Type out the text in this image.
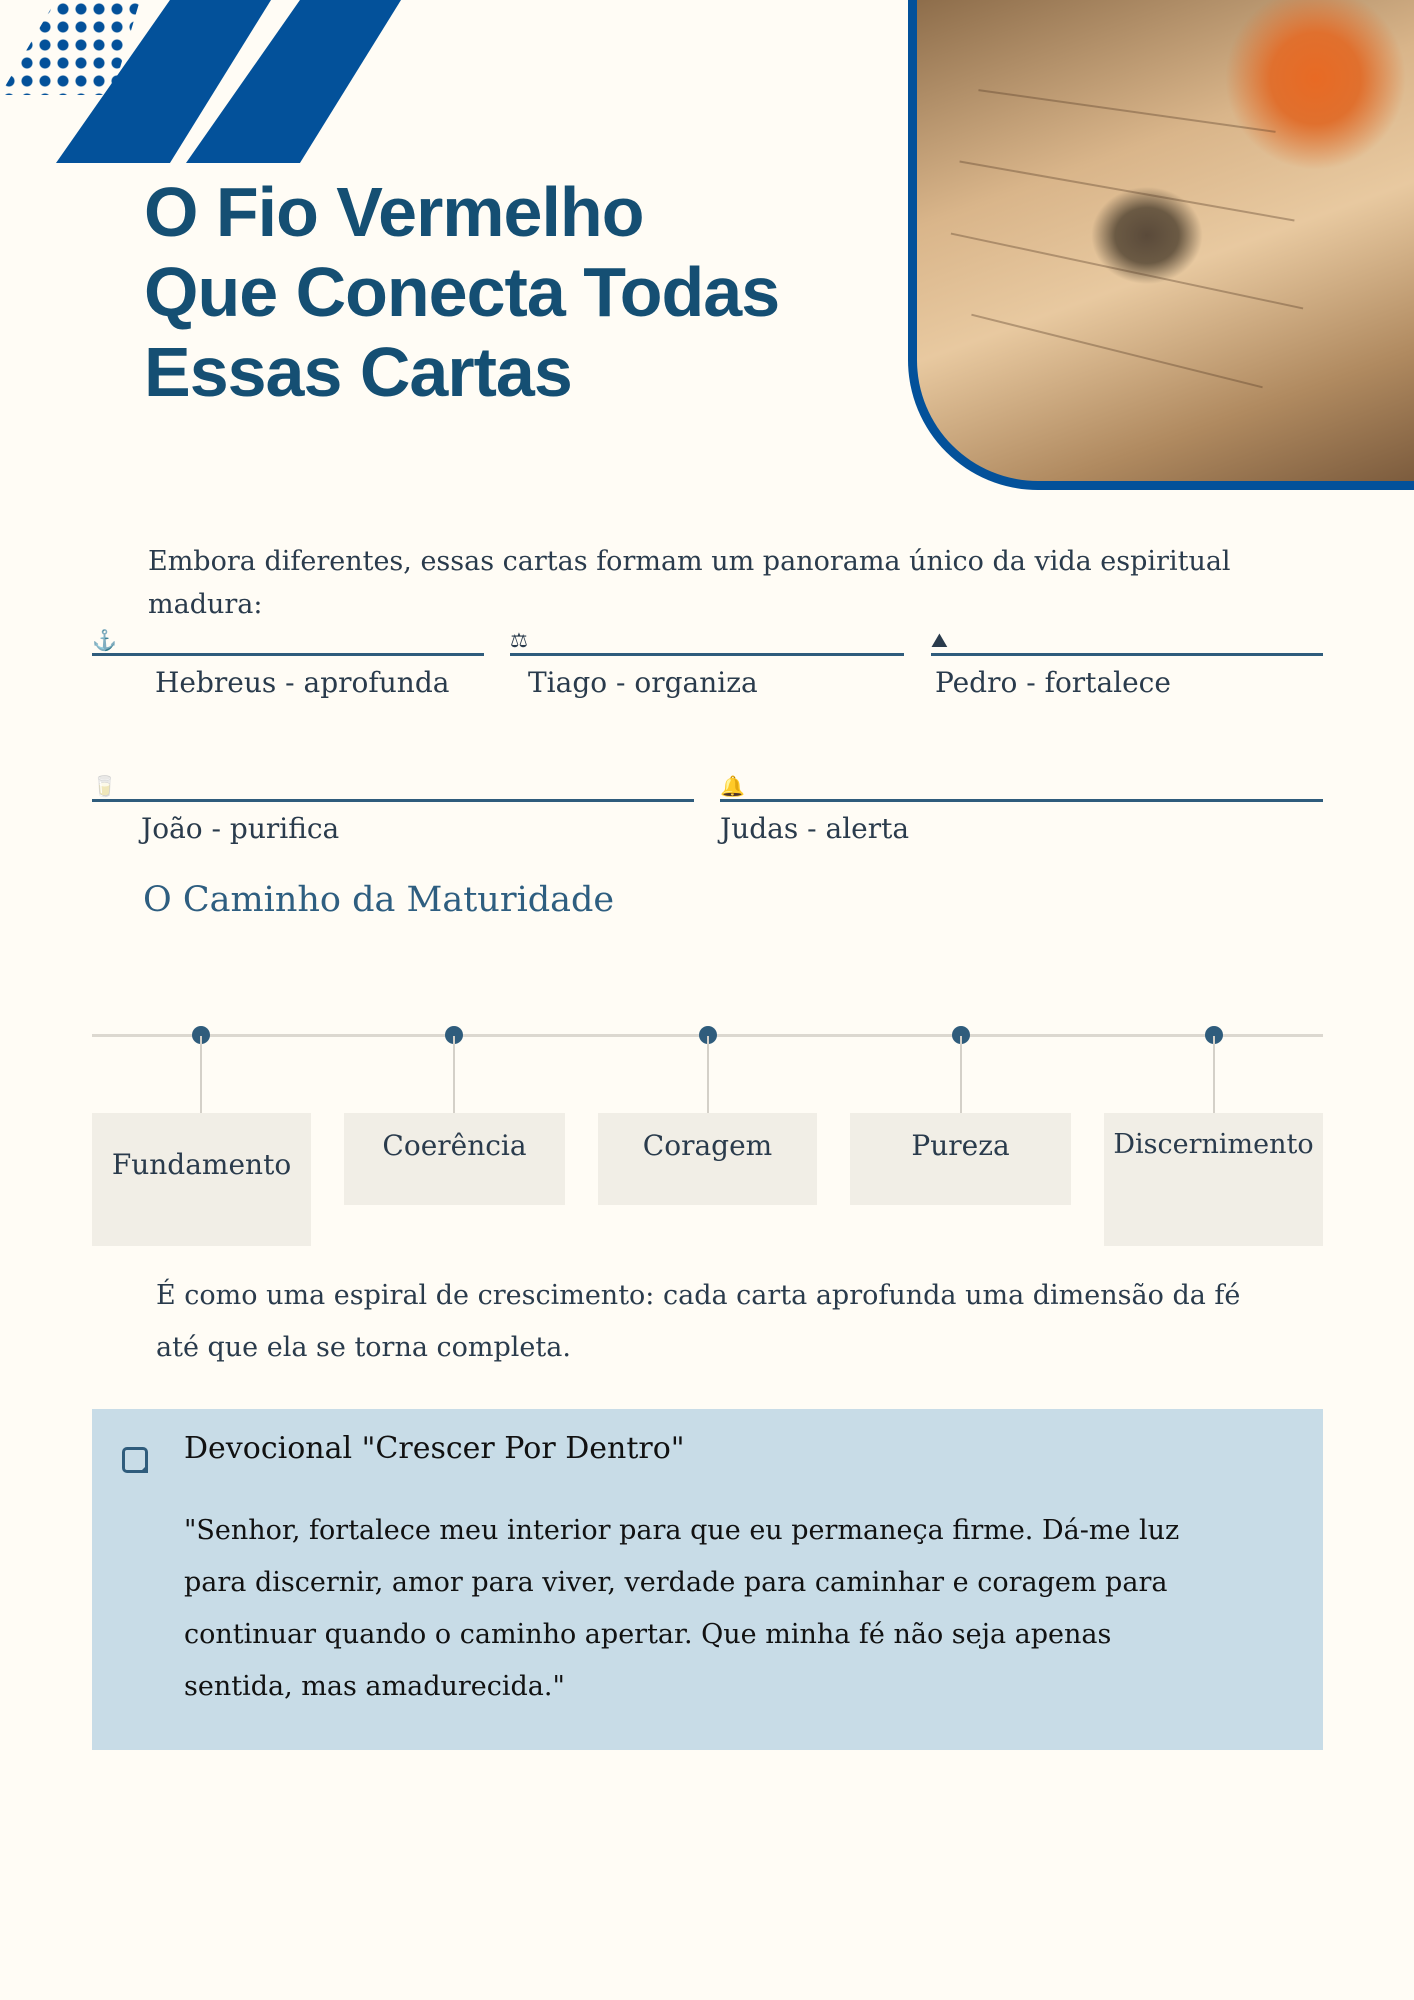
O Fio Vermelho
Que Conecta Todas
Essas Cartas

Embora diferentes, essas cartas formam um panorama único da vida espiritual madura:

⚓
Hebreus - aprofunda
⚖
Tiago - organiza
⛰
Pedro - fortalece
🥛
João - purifica
🔔
Judas - alerta
O Caminho da Maturidade
Fundamento
Coerência	Coragem	Pureza	Discernimento

É como uma espiral de crescimento: cada carta aprofunda uma dimensão da fé até que ela se torna completa.

Devocional "Crescer Por Dentro"

"Senhor, fortalece meu interior para que eu permaneça firme. Dá-me luz para discernir, amor para viver, verdade para caminhar e coragem para continuar quando o caminho apertar. Que minha fé não seja apenas sentida, mas amadurecida."
